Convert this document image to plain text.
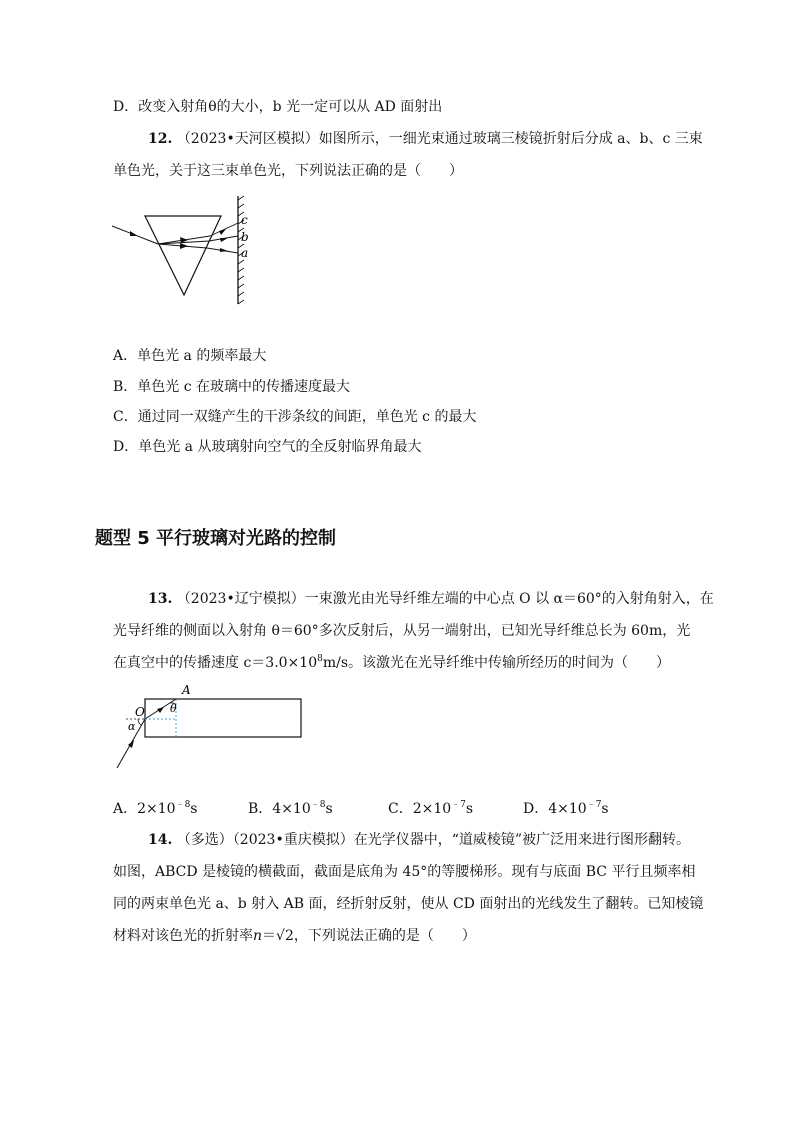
D．改变入射角θ的大小，b 光一定可以从 AD 面射出
12. （2023•天河区模拟）如图所示，一细光束通过玻璃三棱镜折射后分成 a、b、c 三束
单色光，关于这三束单色光，下列说法正确的是（　　）
c
b
a
A．单色光 a 的频率最大
B．单色光 c 在玻璃中的传播速度最大
C．通过同一双缝产生的干涉条纹的间距，单色光 c 的最大
D．单色光 a 从玻璃射向空气的全反射临界角最大
题型 5 平行玻璃对光路的控制
13. （2023•辽宁模拟）一束激光由光导纤维左端的中心点 O 以 α＝60°的入射角射入，在
光导纤维的侧面以入射角 θ＝60°多次反射后，从另一端射出，已知光导纤维总长为 60m，光
在真空中的传播速度 $c=3.0\times 10^8m/s$。该激光在光导纤维中传输所经历的时间为（　　）
A
O θ
α
A．$2\times 10^{﹣8}s$	B．$4\times 10^{﹣8}s$	C．$2\times 10^{﹣7}s$	D．$4\times 10^{﹣7}s$
14. （多选）（2023•重庆模拟）在光学仪器中，“道威棱镜”被广泛用来进行图形翻转。
如图，ABCD 是棱镜的横截面，截面是底角为 45°的等腰梯形。现有与底面 BC 平行且频率相
同的两束单色光 a、b 射入 AB 面，经折射反射，使从 CD 面射出的光线发生了翻转。已知棱镜
材料对该色光的折射率n＝√2，下列说法正确的是（　　）
